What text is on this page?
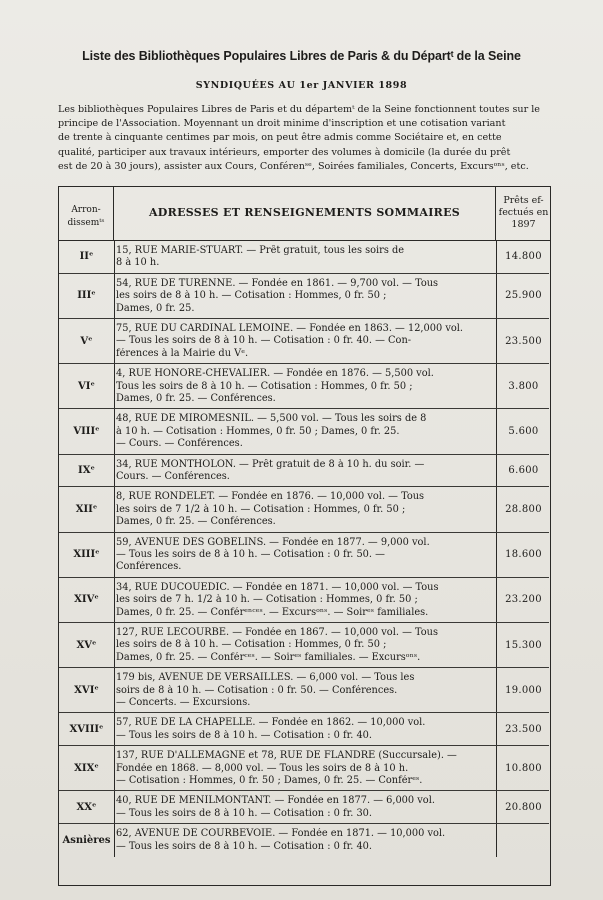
Liste des Bibliothèques Populaires Libres de Paris & du Départᵗ de la Seine
SYNDIQUÉES AU 1er JANVIER 1898
Les bibliothèques Populaires Libres de Paris et du départemᵗ de la Seine fonctionnent toutes sur le
principe de l'Association. Moyennant un droit minime d'inscription et une cotisation variant
de trente à cinquante centimes par mois, on peut être admis comme Sociétaire et, en cette
qualité, participer aux travaux intérieurs, emporter des volumes à domicile (la durée du prêt
est de 20 à 30 jours), assister aux Cours, Conférenˢᵉ, Soirées familiales, Concerts, Excursᵒⁿˢ, etc.
Arron- dissemᵗˢ
ADRESSES ET RENSEIGNEMENTS SOMMAIRES
Prêts ef- fectués en 1897
IIᵉ
15, RUE MARIE-STUART. — Prêt gratuit, tous les soirs de
8 à 10 h.
14.800
IIIᵉ
54, RUE DE TURENNE. — Fondée en 1861. — 9,700 vol. — Tous
les soirs de 8 à 10 h. — Cotisation : Hommes, 0 fr. 50 ;
Dames, 0 fr. 25.
25.900
Vᵉ
75, RUE DU CARDINAL LEMOINE. — Fondée en 1863. — 12,000 vol.
— Tous les soirs de 8 à 10 h. — Cotisation : 0 fr. 40. — Con-
férences à la Mairie du Vᵉ.
23.500
VIᵉ
4, RUE HONORÉ-CHEVALIER. — Fondée en 1876. — 5,500 vol.
Tous les soirs de 8 à 10 h. — Cotisation : Hommes, 0 fr. 50 ;
Dames, 0 fr. 25. — Conférences.
3.800
VIIIᵉ
48, RUE DE MIROMESNIL. — 5,500 vol. — Tous les soirs de 8
à 10 h. — Cotisation : Hommes, 0 fr. 50 ; Dames, 0 fr. 25.
— Cours. — Conférences.
5.600
IXᵉ
34, RUE MONTHOLON. — Prêt gratuit de 8 à 10 h. du soir. —
Cours. — Conférences.
6.600
XIIᵉ
8, RUE RONDELET. — Fondée en 1876. — 10,000 vol. — Tous
les soirs de 7 1/2 à 10 h. — Cotisation : Hommes, 0 fr. 50 ;
Dames, 0 fr. 25. — Conférences.
28.800
XIIIᵉ
59, AVENUE DES GOBELINS. — Fondée en 1877. — 9,000 vol.
— Tous les soirs de 8 à 10 h. — Cotisation : 0 fr. 50. —
Conférences.
18.600
XIVᵉ
34, RUE DUCOUEDIC. — Fondée en 1871. — 10,000 vol. — Tous
les soirs de 7 h. 1/2 à 10 h. — Cotisation : Hommes, 0 fr. 50 ;
Dames, 0 fr. 25. — Conférᵉⁿᶜᵉˢ. — Excursᵒⁿˢ. — Soirᵉˢ familiales.
23.200
XVᵉ
127, RUE LECOURBE. — Fondée en 1867. — 10,000 vol. — Tous
les soirs de 8 à 10 h. — Cotisation : Hommes, 0 fr. 50 ;
Dames, 0 fr. 25. — Conférᶜᵉˢ. — Soirᵉˢ familiales. — Excursᵒⁿˢ.
15.300
XVIᵉ
179 bis, AVENUE DE VERSAILLES. — 6,000 vol. — Tous les
soirs de 8 à 10 h. — Cotisation : 0 fr. 50. — Conférences.
— Concerts. — Excursions.
19.000
XVIIIᵉ
57, RUE DE LA CHAPELLE. — Fondée en 1862. — 10,000 vol.
— Tous les soirs de 8 à 10 h. — Cotisation : 0 fr. 40.
23.500
XIXᵉ
137, RUE D'ALLEMAGNE et 78, RUE DE FLANDRE (Succursale). —
Fondée en 1868. — 8,000 vol. — Tous les soirs de 8 à 10 h.
— Cotisation : Hommes, 0 fr. 50 ; Dames, 0 fr. 25. — Conférᵉˢ.
10.800
XXᵉ
40, RUE DE MÉNILMONTANT. — Fondée en 1877. — 6,000 vol.
— Tous les soirs de 8 à 10 h. — Cotisation : 0 fr. 30.
20.800
Asnières
62, AVENUE DE COURBEVOIE. — Fondée en 1871. — 10,000 vol.
— Tous les soirs de 8 à 10 h. — Cotisation : 0 fr. 40.
